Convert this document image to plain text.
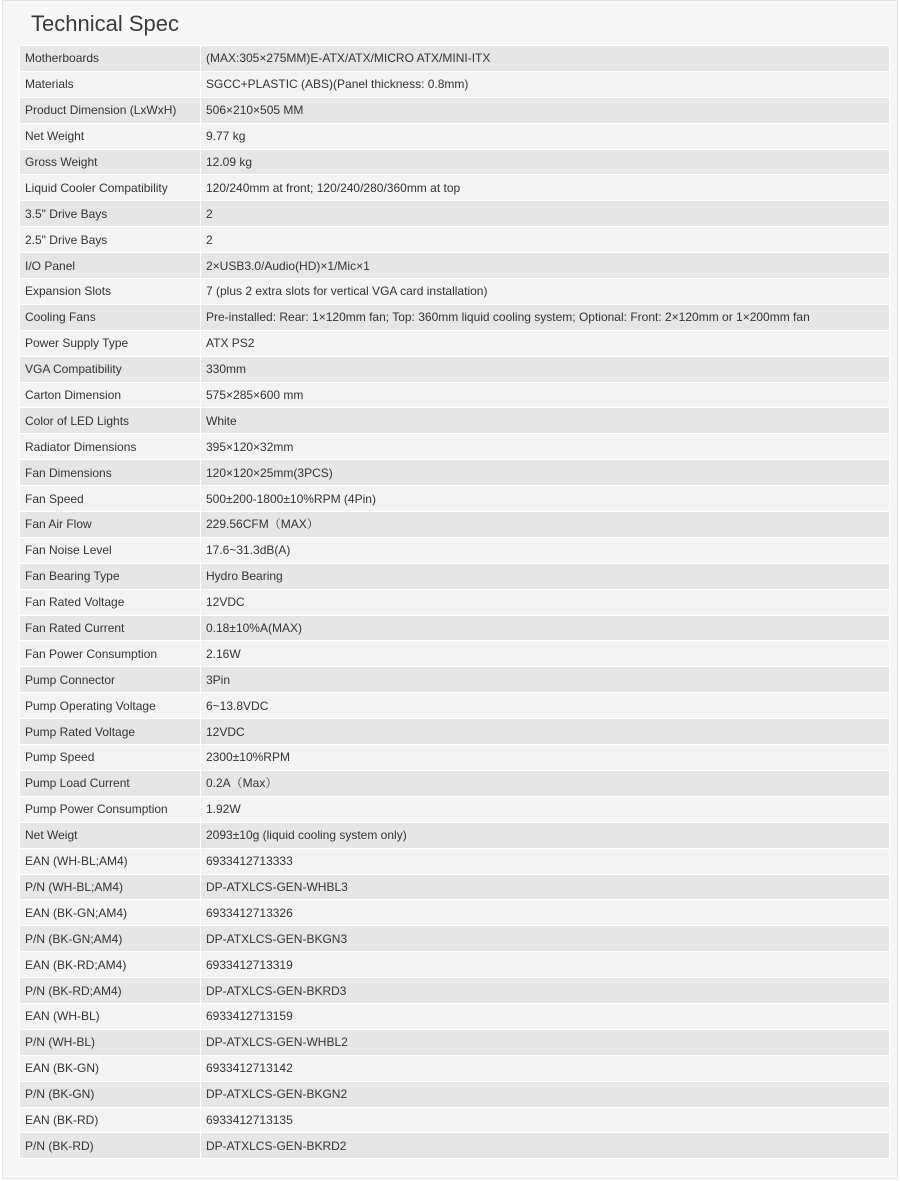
Technical Spec
Motherboards	(MAX:305×275MM)E-ATX/ATX/MICRO ATX/MINI-ITX
Materials	SGCC+PLASTIC (ABS)(Panel thickness: 0.8mm)
Product Dimension (LxWxH)	506×210×505 MM
Net Weight	9.77 kg
Gross Weight	12.09 kg
Liquid Cooler Compatibility	120/240mm at front; 120/240/280/360mm at top
3.5" Drive Bays	2
2.5" Drive Bays	2
I/O Panel	2×USB3.0/Audio(HD)×1/Mic×1
Expansion Slots	7 (plus 2 extra slots for vertical VGA card installation)
Cooling Fans	Pre-installed: Rear: 1×120mm fan; Top: 360mm liquid cooling system; Optional: Front: 2×120mm or 1×200mm fan
Power Supply Type	ATX PS2
VGA Compatibility	330mm
Carton Dimension	575×285×600 mm
Color of LED Lights	White
Radiator Dimensions	395×120×32mm
Fan Dimensions	120×120×25mm(3PCS)
Fan Speed	500±200-1800±10%RPM (4Pin)
Fan Air Flow	229.56CFM（MAX）
Fan Noise Level	17.6~31.3dB(A)
Fan Bearing Type	Hydro Bearing
Fan Rated Voltage	12VDC
Fan Rated Current	0.18±10%A(MAX)
Fan Power Consumption	2.16W
Pump Connector	3Pin
Pump Operating Voltage	6~13.8VDC
Pump Rated Voltage	12VDC
Pump Speed	2300±10%RPM
Pump Load Current	0.2A（Max）
Pump Power Consumption	1.92W
Net Weigt	2093±10g (liquid cooling system only)
EAN (WH-BL;AM4)	6933412713333
P/N (WH-BL;AM4)	DP-ATXLCS-GEN-WHBL3
EAN (BK-GN;AM4)	6933412713326
P/N (BK-GN;AM4)	DP-ATXLCS-GEN-BKGN3
EAN (BK-RD;AM4)	6933412713319
P/N (BK-RD;AM4)	DP-ATXLCS-GEN-BKRD3
EAN (WH-BL)	6933412713159
P/N (WH-BL)	DP-ATXLCS-GEN-WHBL2
EAN (BK-GN)	6933412713142
P/N (BK-GN)	DP-ATXLCS-GEN-BKGN2
EAN (BK-RD)	6933412713135
P/N (BK-RD)	DP-ATXLCS-GEN-BKRD2
